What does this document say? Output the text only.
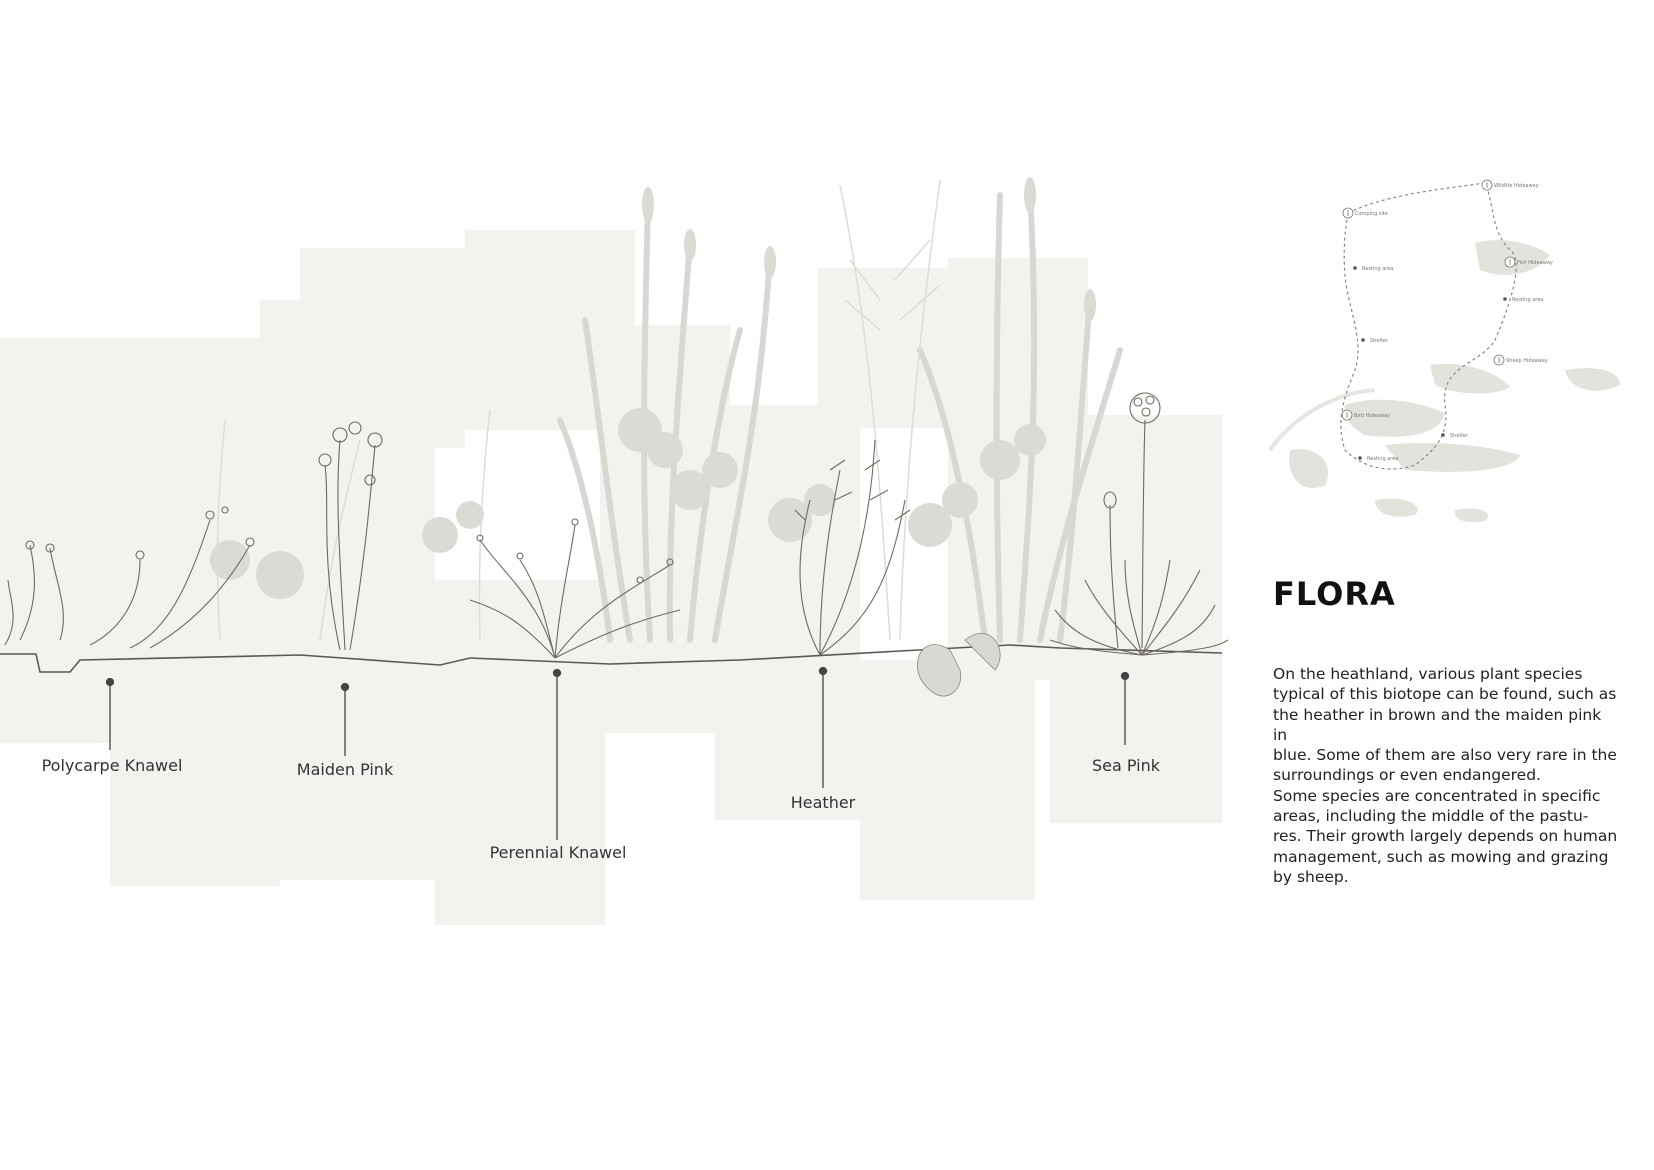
Polycarpe Knawel	Maiden Pink
Perennial Knawel
Heather
Sea Pink
Wildlife Hideaway
Camping site
Fish Hideaway
Resting area
Resting area
Shelter
Sheep Hideaway
Bird Hideaway
Shelter
Resting area
FLORA

On the heathland, various plant species
typical of this biotope can be found, such as
the heather in brown and the maiden pink in
blue. Some of them are also very rare in the
surroundings or even endangered.
Some species are concentrated in specific
areas, including the middle of the pastu-
res. Their growth largely depends on human
management, such as mowing and grazing
by sheep.
